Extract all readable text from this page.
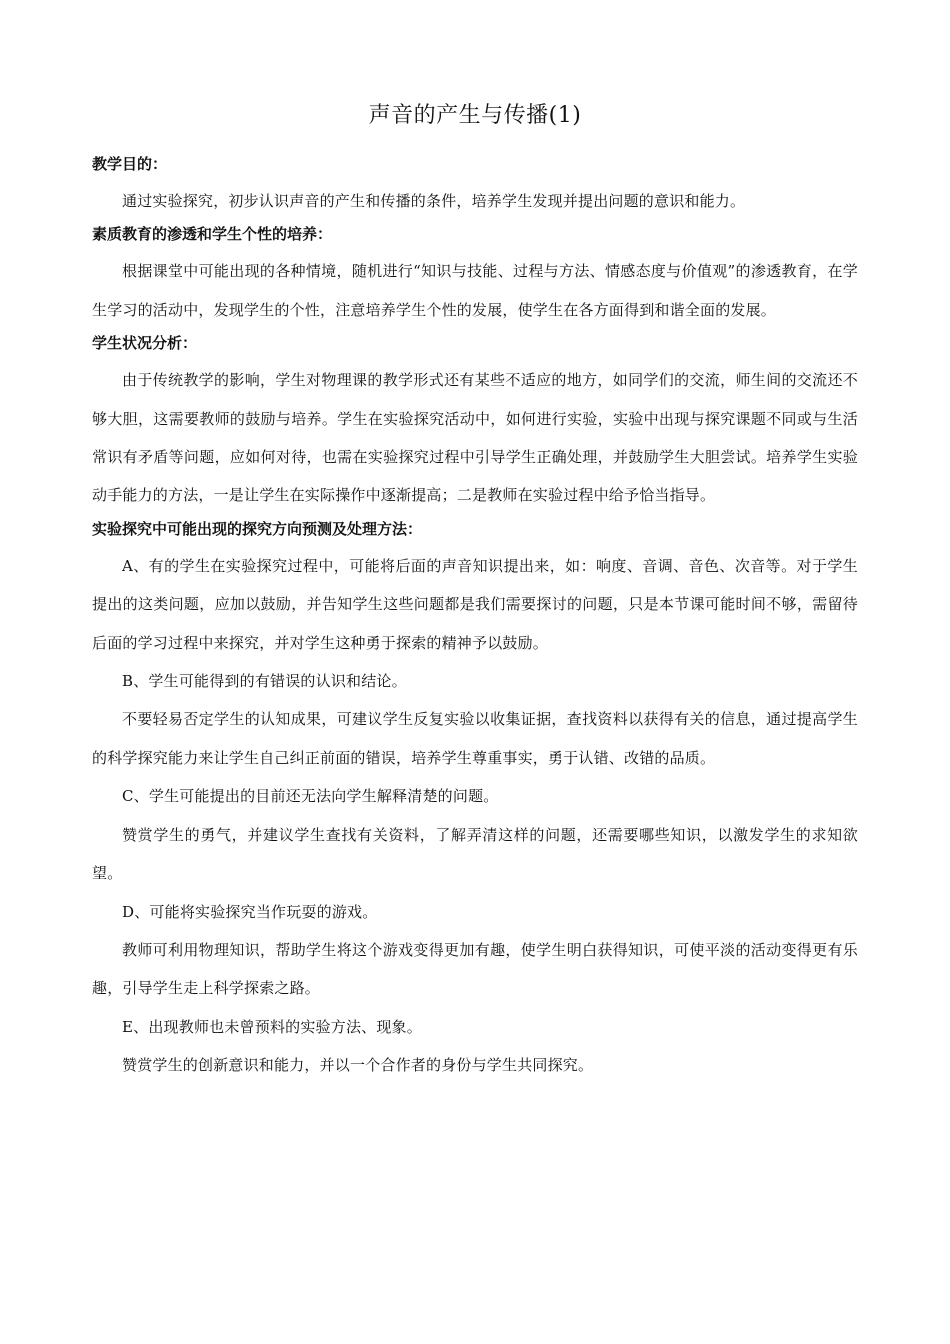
声音的产生与传播(1)

教学目的：

通过实验探究，初步认识声音的产生和传播的条件，培养学生发现并提出问题的意识和能力。

素质教育的渗透和学生个性的培养：

根据课堂中可能出现的各种情境，随机进行“知识与技能、过程与方法、情感态度与价值观”的渗透教育，在学生学习的活动中，发现学生的个性，注意培养学生个性的发展，使学生在各方面得到和谐全面的发展。

学生状况分析：

由于传统教学的影响，学生对物理课的教学形式还有某些不适应的地方，如同学们的交流，师生间的交流还不够大胆，这需要教师的鼓励与培养。学生在实验探究活动中，如何进行实验，实验中出现与探究课题不同或与生活常识有矛盾等问题，应如何对待，也需在实验探究过程中引导学生正确处理，并鼓励学生大胆尝试。培养学生实验动手能力的方法，一是让学生在实际操作中逐渐提高；二是教师在实验过程中给予恰当指导。

实验探究中可能出现的探究方向预测及处理方法：

A、有的学生在实验探究过程中，可能将后面的声音知识提出来，如：响度、音调、音色、次音等。对于学生提出的这类问题，应加以鼓励，并告知学生这些问题都是我们需要探讨的问题，只是本节课可能时间不够，需留待后面的学习过程中来探究，并对学生这种勇于探索的精神予以鼓励。

B、学生可能得到的有错误的认识和结论。

不要轻易否定学生的认知成果，可建议学生反复实验以收集证据，查找资料以获得有关的信息，通过提高学生的科学探究能力来让学生自己纠正前面的错误，培养学生尊重事实，勇于认错、改错的品质。

C、学生可能提出的目前还无法向学生解释清楚的问题。

赞赏学生的勇气，并建议学生查找有关资料，了解弄清这样的问题，还需要哪些知识，以激发学生的求知欲望。

D、可能将实验探究当作玩耍的游戏。

教师可利用物理知识，帮助学生将这个游戏变得更加有趣，使学生明白获得知识，可使平淡的活动变得更有乐趣，引导学生走上科学探索之路。

E、出现教师也未曾预料的实验方法、现象。

赞赏学生的创新意识和能力，并以一个合作者的身份与学生共同探究。
